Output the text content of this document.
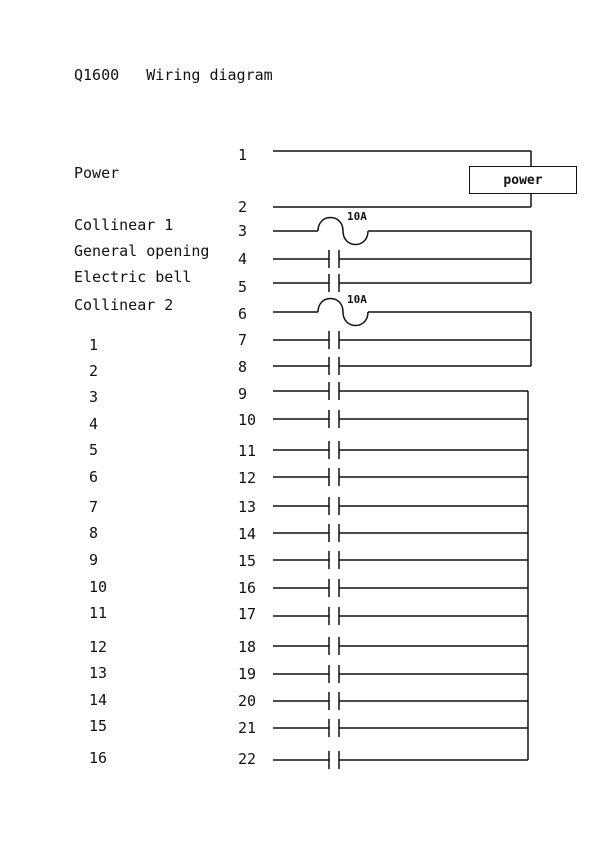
Q1600   Wiring diagram
Power
Collinear 1
General opening
Electric bell
Collinear 2
1
2
3
4
5
6
7
8
9
10
11
12
13
14
15
16
1
2
3
4
5
6
7
8
9
10
11
12
13
14
15
16
17
18
19
20
21
22
power
10A
10A
